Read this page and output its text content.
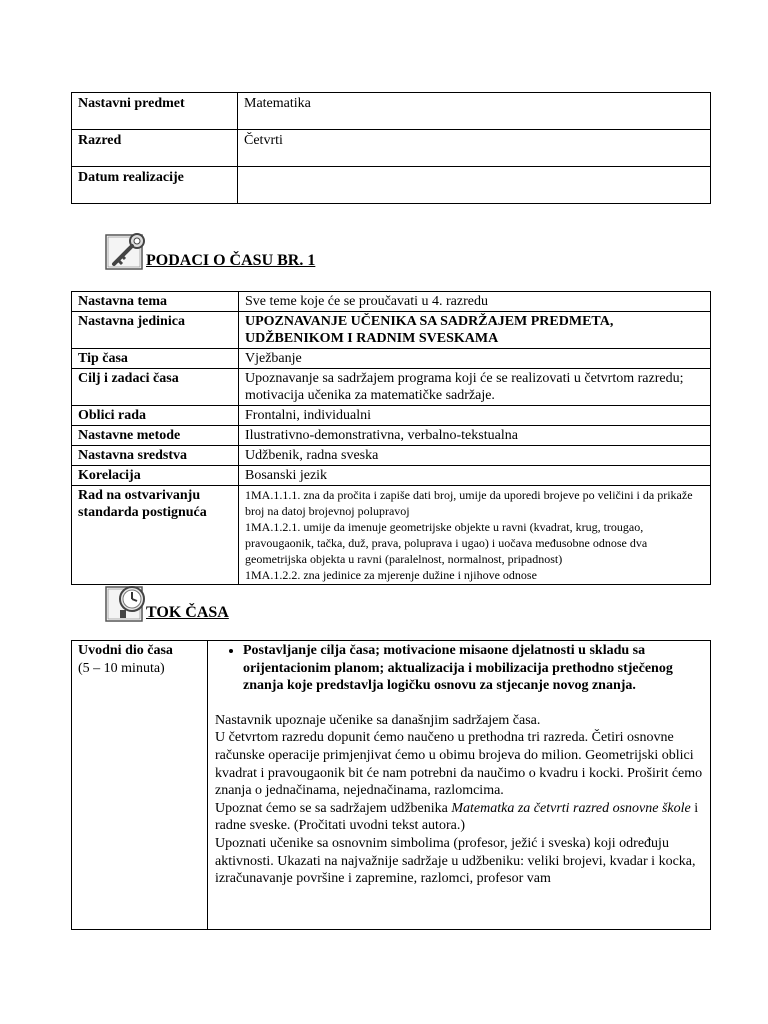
Nastavni predmet	Matematika
Razred	Četvrti
Datum realizacije	
PODACI O ČASU BR. 1
Nastavna tema	Sve teme koje će se proučavati u 4. razredu
Nastavna jedinica	UPOZNAVANJE UČENIKA SA SADRŽAJEM PREDMETA, UDŽBENIKOM I RADNIM SVESKAMA
Tip časa	Vježbanje
Cilj i zadaci časa	Upoznavanje sa sadržajem programa koji će se realizovati u četvrtom razredu; motivacija učenika za matematičke sadržaje.
Oblici rada	Frontalni, individualni
Nastavne metode	Ilustrativno-demonstrativna, verbalno-tekstualna
Nastavna sredstva	Udžbenik, radna sveska
Korelacija	Bosanski jezik
Rad na ostvarivanju standarda postignuća	1MA.1.1.1. zna da pročita i zapiše dati broj, umije da uporedi brojeve po veličini i da prikaže broj na datoj brojevnoj polupravoj
1MA.1.2.1. umije da imenuje geometrijske objekte u ravni (kvadrat, krug, trougao, pravougaonik, tačka, duž, prava, poluprava i ugao) i uočava međusobne odnose dva geometrijska objekta u ravni (paralelnost, normalnost, pripadnost)
1MA.1.2.2. zna jedinice za mjerenje dužine i njihove odnose
TOK ČASA
Uvodni dio časa
(5 – 10 minuta)

• Postavljanje cilja časa; motivacione misaone djelatnosti u skladu sa orijentacionim planom; aktualizacija i mobilizacija prethodno stječenog znanja koje predstavlja logičku osnovu za stjecanje novog znanja.

Nastavnik upoznaje učenike sa današnjim sadržajem časa.

U četvrtom razredu dopunit ćemo naučeno u prethodna tri razreda. Četiri osnovne računske operacije primjenjivat ćemo u obimu brojeva do milion. Geometrijski oblici kvadrat i pravougaonik bit će nam potrebni da naučimo o kvadru i kocki. Proširit ćemo znanja o jednačinama, nejednačinama, razlomcima.

Upoznat ćemo se sa sadržajem udžbenika Matematka za četvrti razred osnovne škole i radne sveske. (Pročitati uvodni tekst autora.)

Upoznati učenike sa osnovnim simbolima (profesor, ježić i sveska) koji određuju aktivnosti. Ukazati na najvažnije sadržaje u udžbeniku: veliki brojevi, kvadar i kocka, izračunavanje površine i zapremine, razlomci, profesor vam
